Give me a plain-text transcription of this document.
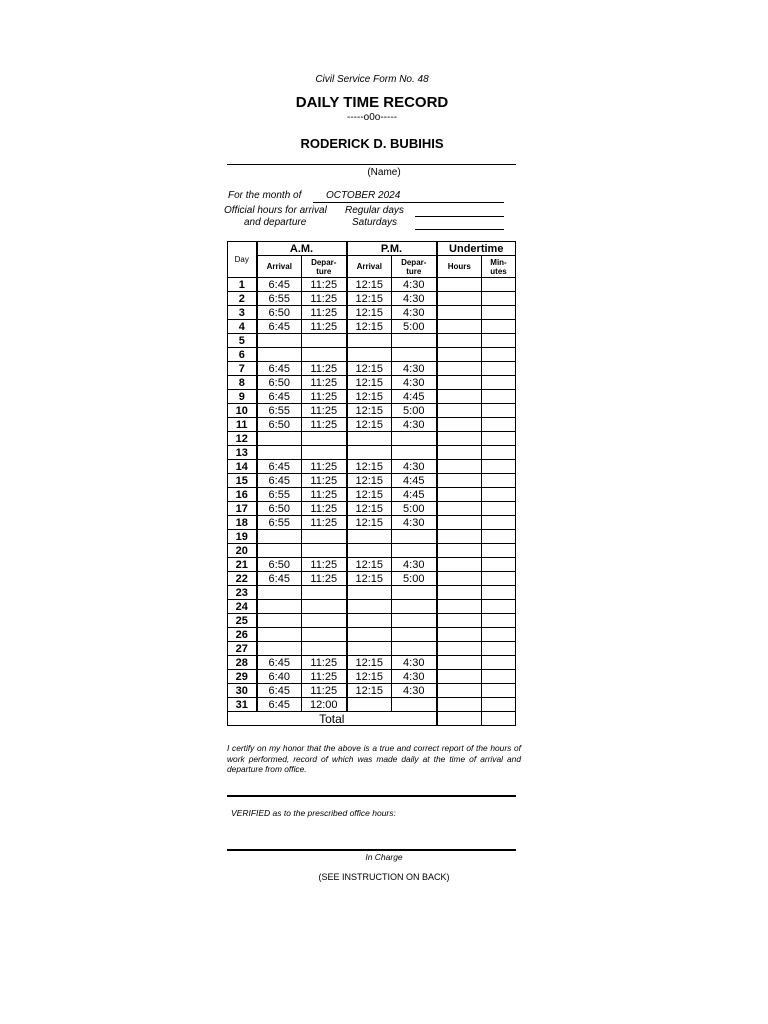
Civil Service Form No. 48
DAILY TIME RECORD
-----o0o-----
RODERICK D. BUBIHIS
(Name)
For the month of OCTOBER 2024
Official hours for arrival
and departure
Regular days
Saturdays
Day	A.M.		P.M.		Undertime	
	Arrival	Depar-
ture	Arrival	Depar-
ture	Hours	Min-
utes
1	6:45	11:25	12:15	4:30		
2	6:55	11:25	12:15	4:30		
3	6:50	11:25	12:15	4:30		
4	6:45	11:25	12:15	5:00		
5						
6						
7	6:45	11:25	12:15	4:30		
8	6:50	11:25	12:15	4:30		
9	6:45	11:25	12:15	4:45		
10	6:55	11:25	12:15	5:00		
11	6:50	11:25	12:15	4:30		
12						
13						
14	6:45	11:25	12:15	4:30		
15	6:45	11:25	12:15	4:45		
16	6:55	11:25	12:15	4:45		
17	6:50	11:25	12:15	5:00		
18	6:55	11:25	12:15	4:30		
19						
20						
21	6:50	11:25	12:15	4:30		
22	6:45	11:25	12:15	5:00		
23						
24						
25						
26						
27						
28	6:45	11:25	12:15	4:30		
29	6:40	11:25	12:15	4:30		
30	6:45	11:25	12:15	4:30		
31	6:45	12:00				
Total						
I certify on my honor that the above is a true and correct report of the hours of work performed, record of which was made daily at the time of arrival and departure from office.
VERIFIED as to the prescribed office hours:
In Charge
(SEE INSTRUCTION ON BACK)
